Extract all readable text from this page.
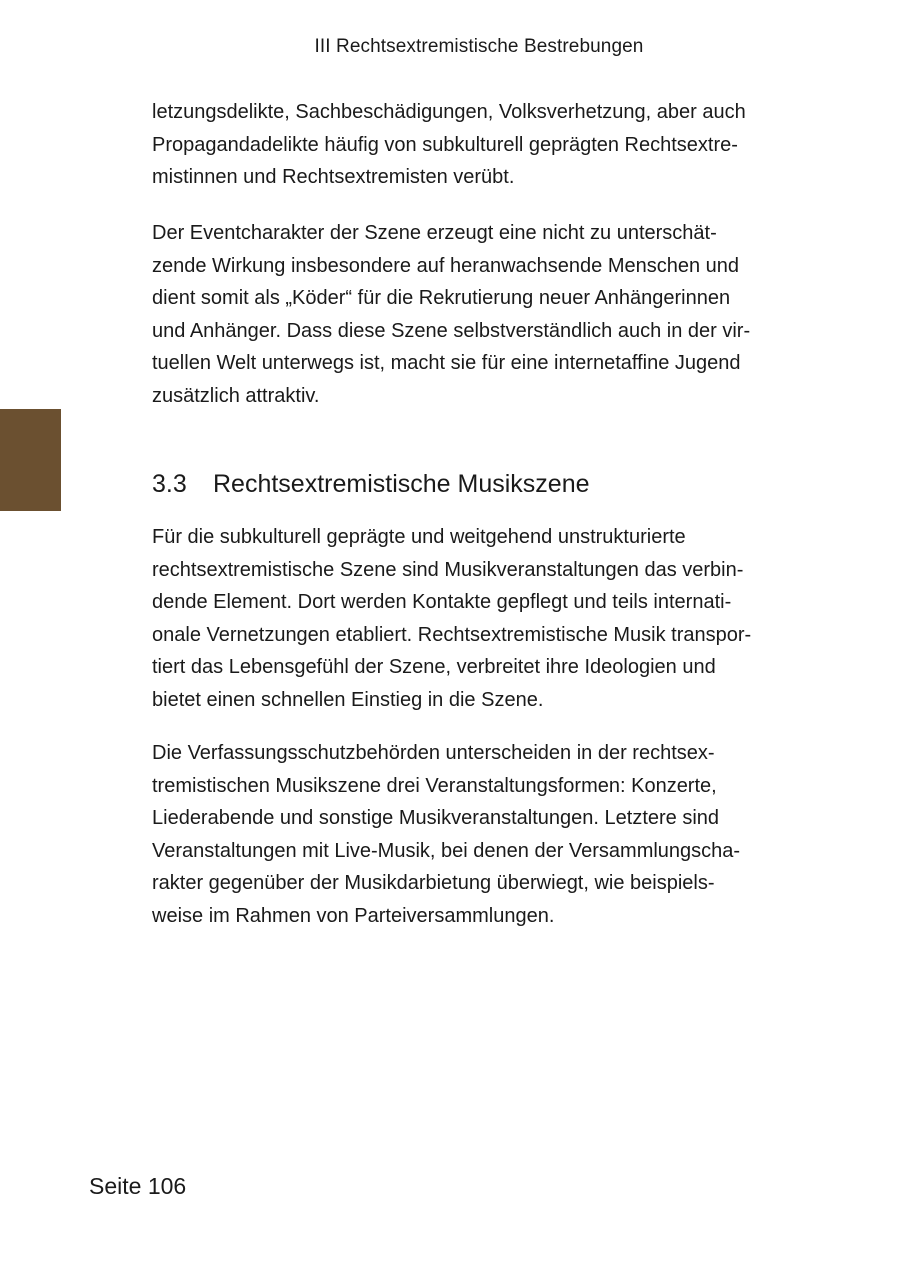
III Rechtsextremistische Bestrebungen

letzungsdelikte, Sachbeschädigungen, Volksverhetzung, aber auch
Propagandadelikte häufig von subkulturell geprägten Rechtsextre-
mistinnen und Rechtsextremisten verübt.

Der Eventcharakter der Szene erzeugt eine nicht zu unterschät-
zende Wirkung insbesondere auf heranwachsende Menschen und
dient somit als „Köder“ für die Rekrutierung neuer Anhängerinnen
und Anhänger. Dass diese Szene selbstverständlich auch in der vir-
tuellen Welt unterwegs ist, macht sie für eine internetaffine Jugend
zusätzlich attraktiv.

3.3 Rechtsextremistische Musikszene

Für die subkulturell geprägte und weitgehend unstrukturierte
rechtsextremistische Szene sind Musikveranstaltungen das verbin-
dende Element. Dort werden Kontakte gepflegt und teils internati-
onale Vernetzungen etabliert. Rechtsextremistische Musik transpor-
tiert das Lebensgefühl der Szene, verbreitet ihre Ideologien und
bietet einen schnellen Einstieg in die Szene.

Die Verfassungsschutzbehörden unterscheiden in der rechtsex-
tremistischen Musikszene drei Veranstaltungsformen: Konzerte,
Liederabende und sonstige Musikveranstaltungen. Letztere sind
Veranstaltungen mit Live-Musik, bei denen der Versammlungscha-
rakter gegenüber der Musikdarbietung überwiegt, wie beispiels-
weise im Rahmen von Parteiversammlungen.

Seite 106
